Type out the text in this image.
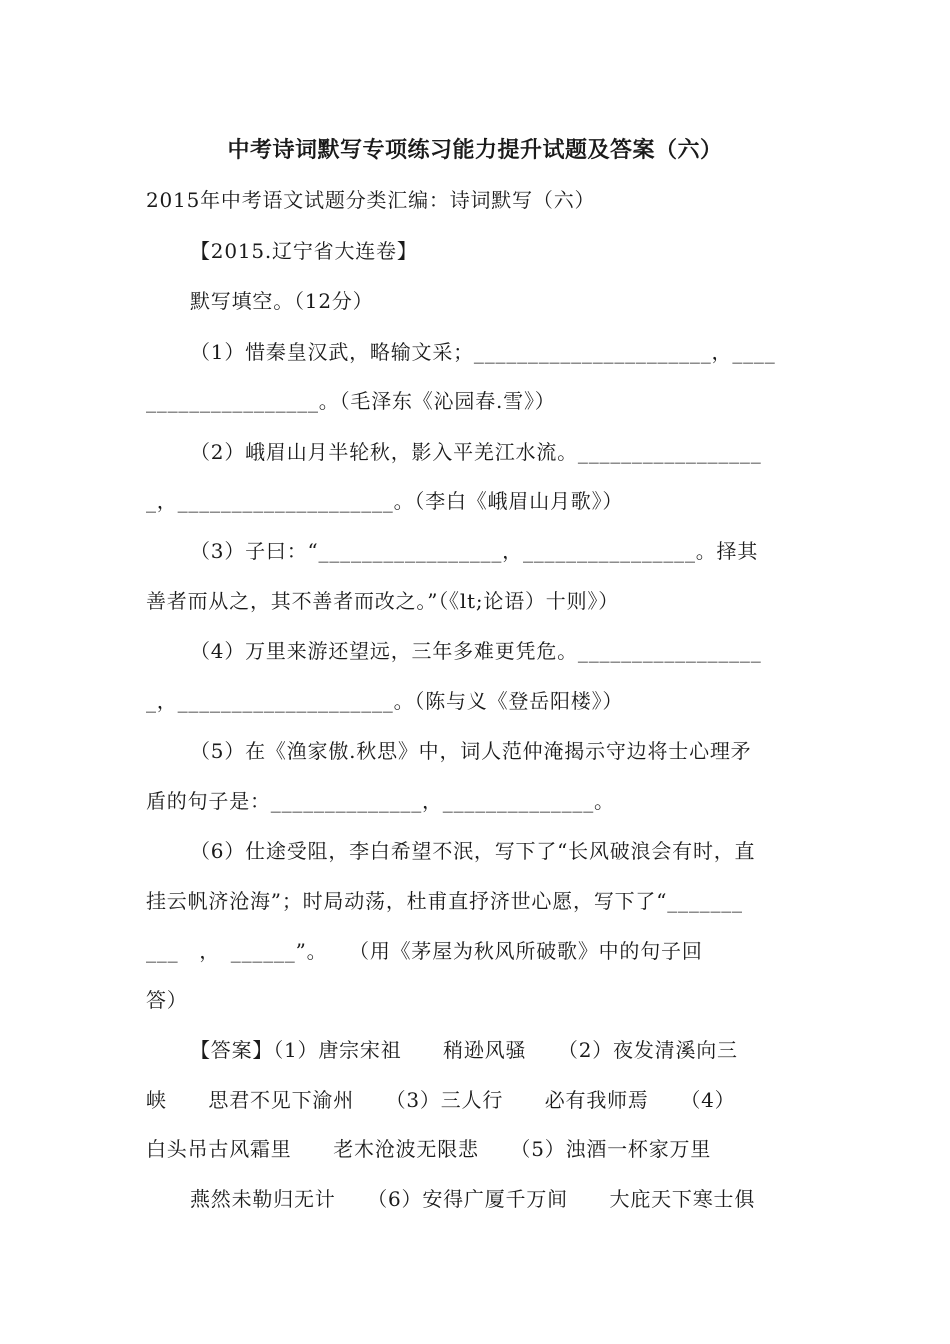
中考诗词默写专项练习能力提升试题及答案（六）
2015年中考语文试题分类汇编：诗词默写（六）
【2015.辽宁省大连卷】
默写填空。（12分）
（1）惜秦皇汉武，略输文采；______________________，____
________________。（毛泽东《沁园春.雪》）
（2）峨眉山月半轮秋，影入平羌江水流。_________________
_，____________________。（李白《峨眉山月歌》）
（3）子曰：“_________________，________________。择其
善者而从之，其不善者而改之。”（《lt;论语）十则》）
（4）万里来游还望远，三年多难更凭危。_________________
_，____________________。（陈与义《登岳阳楼》）
（5）在《渔家傲.秋思》中，词人范仲淹揭示守边将士心理矛
盾的句子是：______________，______________。
（6）仕途受阻，李白希望不泯，写下了“长风破浪会有时，直
挂云帆济沧海”；时局动荡，杜甫直抒济世心愿，写下了“_______
___　，　______”。　　（用《茅屋为秋风所破歌》中的句子回
答）
【答案】（1）唐宗宋祖　　稍逊风骚　　（2）夜发清溪向三
峡　　思君不见下渝州　　（3）三人行　　必有我师焉　　（4）
白头吊古风霜里　　老木沧波无限悲　　（5）浊酒一杯家万里
燕然未勒归无计　　（6）安得广厦千万间　　大庇天下寒士俱
